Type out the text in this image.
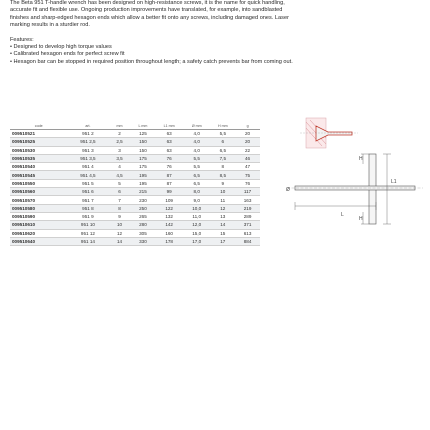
The Beta 951 T-handle wrench has been designed on high-resistance screws, it is the name for quick handling, accurate fit and flexible use. Ongoing production improvements have translated, for example, into sandblasted finishes and sharp-edged hexagon ends which allow a better fit onto any screws, including damaged ones. Laser marking results in a sturdier rod.

Features:

• Designed to develop high torque values
• Calibrated hexagon ends for perfect screw fit
• Hexagon bar can be stopped in required position throughout length; a safety catch prevents bar from coming out.
code	art.	mm	L mm	L1 mm	Ø mm	H mm	g
009510521	951 2	2	125	63	4,0	5,5	20
009510525	951 2,5	2,5	150	63	4,0	6	20
009510530	951 3	3	150	63	4,0	6,5	22
009510535	951 3,5	3,5	175	76	5,5	7,5	46
009510540	951 4	4	175	76	5,5	8	47
009510545	951 4,5	4,5	195	87	6,5	8,5	75
009510550	951 5	5	195	87	6,5	9	76
009510560	951 6	6	215	99	8,0	10	117
009510570	951 7	7	230	109	9,0	11	163
009510580	951 8	8	250	122	10,0	12	219
009510590	951 9	9	265	132	11,0	13	289
009510610	951 10	10	280	142	12,0	14	371
009510620	951 12	12	305	160	15,0	15	613
009510640	951 14	14	330	178	17,0	17	884
H
H
L1
Ø
L
